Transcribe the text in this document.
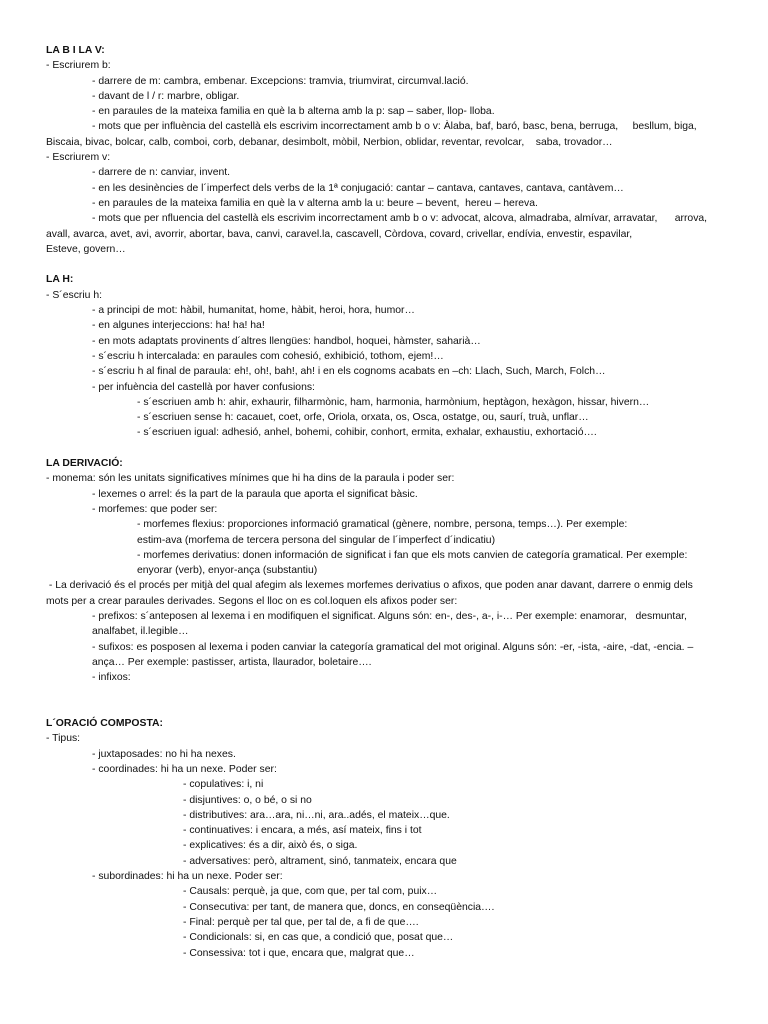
LA B I LA V:

- Escriurem b:

- darrere de m: cambra, embenar. Excepcions: tramvia, triumvirat, circumval.lació.

- davant de l / r: marbre, obligar.

- en paraules de la mateixa familia en què la b alterna amb la p: sap – saber, llop- lloba.

- mots que per influència del castellà els escrivim incorrectament amb b o v: Àlaba, baf, baró, basc, bena, berruga,     besllum, biga,

Biscaia, bivac, bolcar, calb, comboi, corb, debanar, desimbolt, mòbil, Nerbion, oblidar, reventar, revolcar,    saba, trovador…

- Escriurem v:

- darrere de n: canviar, invent.

- en les desinències de l´imperfect dels verbs de la 1ª conjugació: cantar – cantava, cantaves, cantava, cantàvem…

- en paraules de la mateixa familia en què la v alterna amb la u: beure – bevent,  hereu – hereva.

- mots que per nfluencia del castellà els escrivim incorrectament amb b o v: advocat, alcova, almadraba, almívar, arravatar,      arrova,

avall, avarca, avet, avi, avorrir, abortar, bava, canvi, caravel.la, cascavell, Còrdova, covard, crivellar, endívia, envestir, espavilar,

Esteve, govern…

LA H:

- S´escriu h:

- a principi de mot: hàbil, humanitat, home, hàbit, heroi, hora, humor…

- en algunes interjeccions: ha! ha! ha!

- en mots adaptats provinents d´altres llengües: handbol, hoquei, hàmster, saharià…

- s´escriu h intercalada: en paraules com cohesió, exhibició, tothom, ejem!…

- s´escriu h al final de paraula: eh!, oh!, bah!, ah! i en els cognoms acabats en –ch: Llach, Such, March, Folch…

- per infuència del castellà por haver confusions:

- s´escriuen amb h: ahir, exhaurir, filharmònic, ham, harmonia, harmònium, heptàgon, hexàgon, hissar, hivern…

- s´escriuen sense h: cacauet, coet, orfe, Oriola, orxata, os, Osca, ostatge, ou, saurí, truà, unflar…

- s´escriuen igual: adhesió, anhel, bohemi, cohibir, conhort, ermita, exhalar, exhaustiu, exhortació….

LA DERIVACIÓ:

- monema: són les unitats significatives mínimes que hi ha dins de la paraula i poder ser:

- lexemes o arrel: és la part de la paraula que aporta el significat bàsic.

- morfemes: que poder ser:

- morfemes flexius: proporciones informació gramatical (gènere, nombre, persona, temps…). Per exemple:

estim-ava (morfema de tercera persona del singular de l´imperfect d´indicatiu)

- morfemes derivatius: donen información de significat i fan que els mots canvien de categoría gramatical. Per exemple:

enyorar (verb), enyor-ança (substantiu)

- La derivació és el procés per mitjà del qual afegim als lexemes morfemes derivatius o afixos, que poden anar davant, darrere o enmig dels

mots per a crear paraules derivades. Segons el lloc on es col.loquen els afixos poder ser:

- prefixos: s´anteposen al lexema i en modifiquen el significat. Alguns són: en-, des-, a-, i-… Per exemple: enamorar,   desmuntar,

analfabet, il.legible…

- sufixos: es posposen al lexema i poden canviar la categoría gramatical del mot original. Alguns són: -er, -ista, -aire, -dat, -encia. –

ança… Per exemple: pastisser, artista, llaurador, boletaire….

- infixos:

L´ORACIÓ COMPOSTA:

- Tipus:

- juxtaposades: no hi ha nexes.

- coordinades: hi ha un nexe. Poder ser:

- copulatives: i, ni

- disjuntives: o, o bé, o si no

- distributives: ara…ara, ni…ni, ara..adés, el mateix…que.

- continuatives: i encara, a més, así mateix, fins i tot

- explicatives: és a dir, això és, o siga.

- adversatives: però, altrament, sinó, tanmateix, encara que

- subordinades: hi ha un nexe. Poder ser:

- Causals: perquè, ja que, com que, per tal com, puix…

- Consecutiva: per tant, de manera que, doncs, en conseqüència….

- Final: perquè per tal que, per tal de, a fi de que….

- Condicionals: si, en cas que, a condició que, posat que…

- Consessiva: tot i que, encara que, malgrat que…
